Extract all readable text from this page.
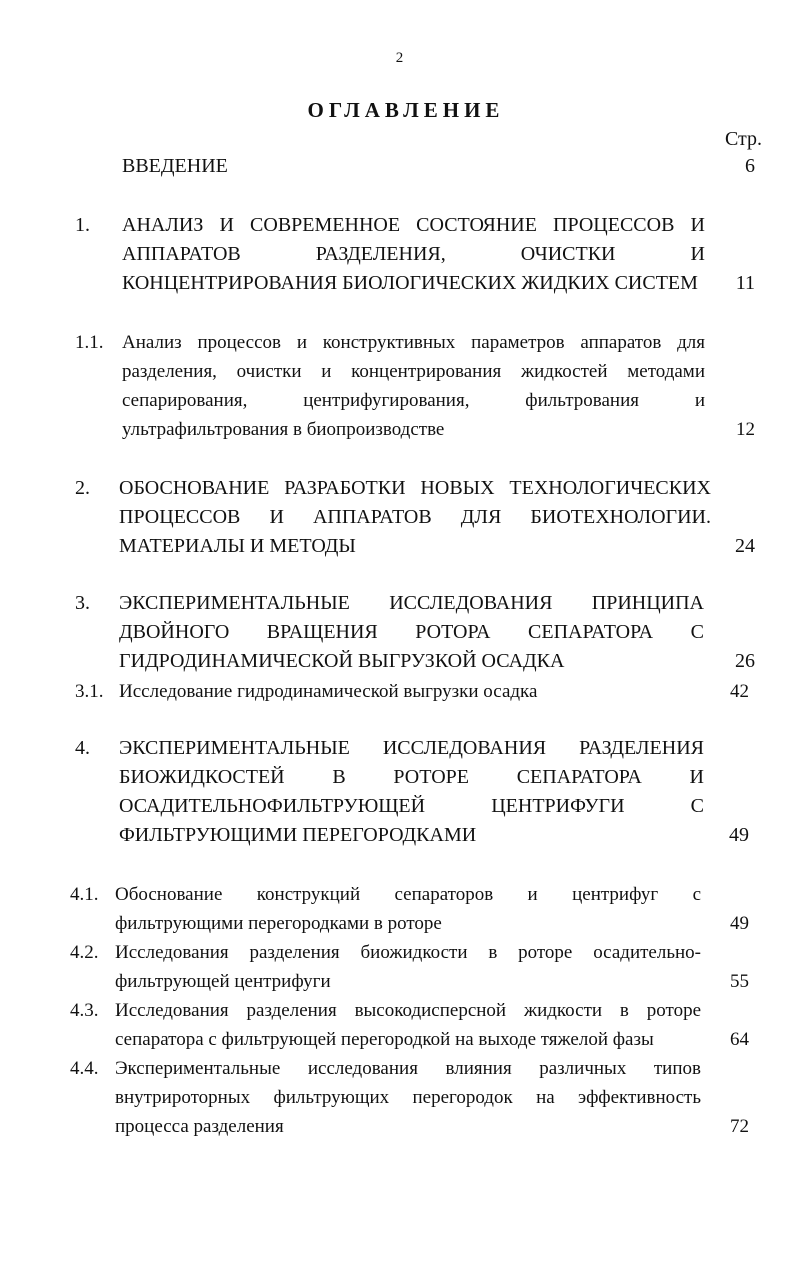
2
ОГЛАВЛЕНИЕ
Стр.
ВВЕДЕНИЕ	6
1. АНАЛИЗ И СОВРЕМЕННОЕ СОСТОЯНИЕ ПРОЦЕССОВ И
АППАРАТОВ РАЗДЕЛЕНИЯ, ОЧИСТКИ И
КОНЦЕНТРИРОВАНИЯ БИОЛОГИЧЕСКИХ ЖИДКИХ СИСТЕМ	11
1.1. Анализ процессов и конструктивных параметров аппаратов для
разделения, очистки и концентрирования жидкостей методами
сепарирования, центрифугирования, фильтрования и
ультрафильтрования в биопроизводстве	12
2. ОБОСНОВАНИЕ РАЗРАБОТКИ НОВЫХ ТЕХНОЛОГИЧЕСКИХ
ПРОЦЕССОВ И АППАРАТОВ ДЛЯ БИОТЕХНОЛОГИИ.
МАТЕРИАЛЫ И МЕТОДЫ	24
3. ЭКСПЕРИМЕНТАЛЬНЫЕ ИССЛЕДОВАНИЯ ПРИНЦИПА
ДВОЙНОГО ВРАЩЕНИЯ РОТОРА СЕПАРАТОРА С
ГИДРОДИНАМИЧЕСКОЙ ВЫГРУЗКОЙ ОСАДКА	26
3.1. Исследование гидродинамической выгрузки осадка	42
4. ЭКСПЕРИМЕНТАЛЬНЫЕ ИССЛЕДОВАНИЯ РАЗДЕЛЕНИЯ
БИОЖИДКОСТЕЙ В РОТОРЕ СЕПАРАТОРА И
ОСАДИТЕЛЬНОФИЛЬТРУЮЩЕЙ ЦЕНТРИФУГИ С
ФИЛЬТРУЮЩИМИ ПЕРЕГОРОДКАМИ	49
4.1. Обоснование конструкций сепараторов и центрифуг с
фильтрующими перегородками в роторе	49
4.2. Исследования разделения биожидкости в роторе осадительно-
фильтрующей центрифуги	55
4.3. Исследования разделения высокодисперсной жидкости в роторе
сепаратора с фильтрующей перегородкой на выходе тяжелой фазы	64
4.4. Экспериментальные исследования влияния различных типов
внутрироторных фильтрующих перегородок на эффективность
процесса разделения	72
